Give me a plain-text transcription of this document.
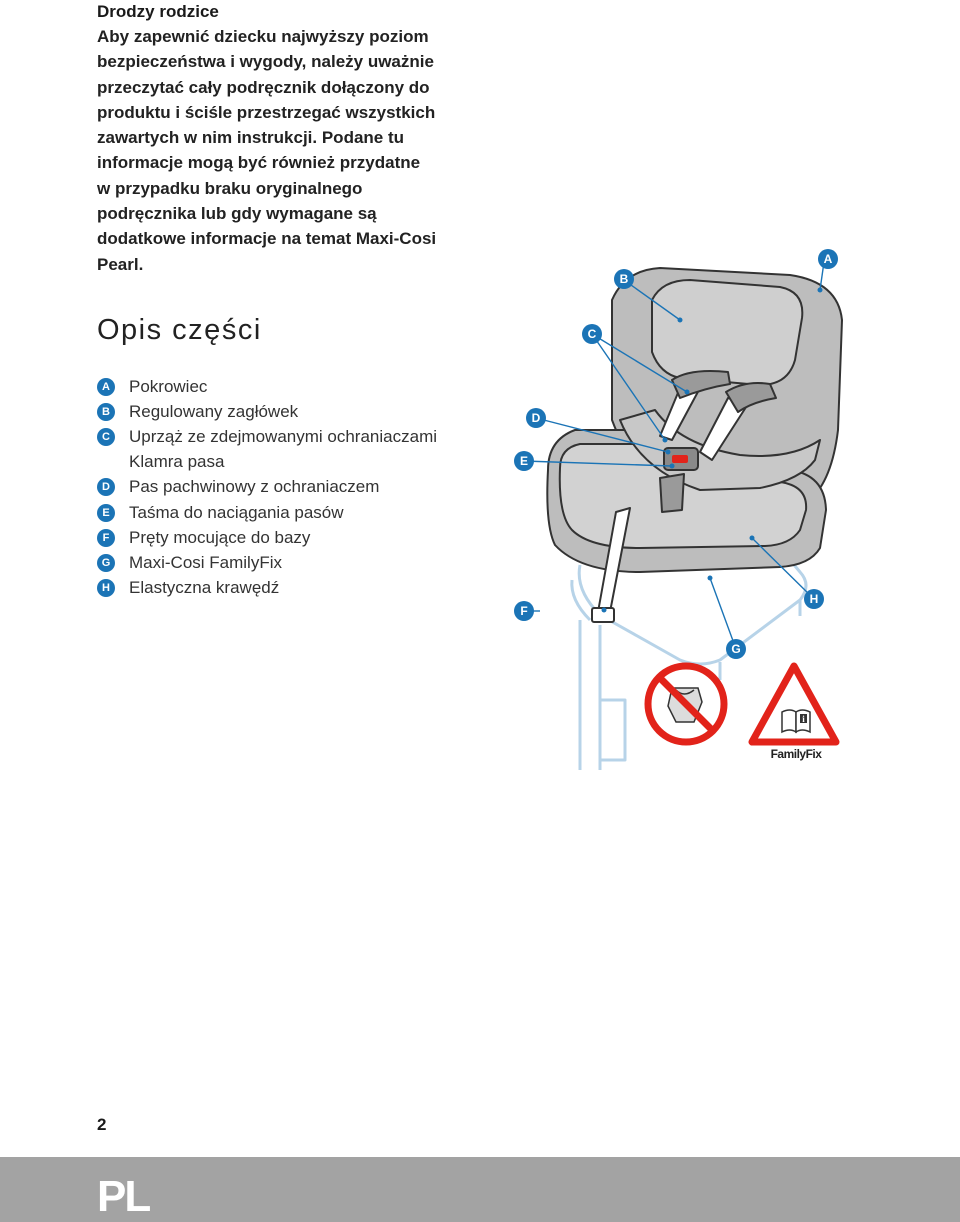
Drodzy rodzice

Aby zapewnić dziecku najwyższy poziom

bezpieczeństwa i wygody, należy uważnie

przeczytać cały podręcznik dołączony do

produktu i ściśle przestrzegać wszystkich

zawartych w nim instrukcji. Podane tu

informacje mogą być również przydatne

w przypadku braku oryginalnego

podręcznika lub gdy wymagane są

dodatkowe informacje na temat Maxi-Cosi

Pearl.

Opis części
A Pokrowiec
B Regulowany zagłówek
C Uprząż ze zdejmowanymi ochraniaczami
Klamra pasa
D Pas pachwinowy z ochraniaczem
E	Taśma do naciągania pasów
F	Pręty mocujące do bazy
G Maxi-Cosi FamilyFix
H Elastyczna krawędź
A
B
C
D
E
F
G
H
i
FamilyFix
2
PL
